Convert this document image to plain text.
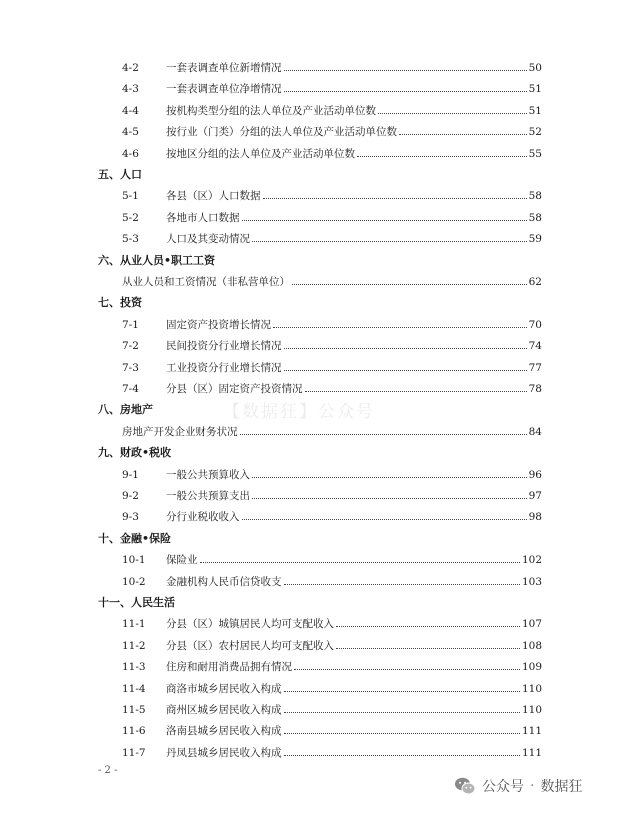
4-2	一套表调查单位新增情况	50
4-3	一套表调查单位净增情况	51
4-4	按机构类型分组的法人单位及产业活动单位数	51
4-5	按行业（门类）分组的法人单位及产业活动单位数	52
4-6	按地区分组的法人单位及产业活动单位数	55
五、人口
5-1	各县（区）人口数据	58
5-2	各地市人口数据	58
5-3	人口及其变动情况	59
六、从业人员•职工工资
从业人员和工资情况（非私营单位）	62
七、投资
7-1	固定资产投资增长情况	70
7-2	民间投资分行业增长情况	74
7-3	工业投资分行业增长情况	77
7-4	分县（区）固定资产投资情况	78
八、房地产
房地产开发企业财务状况	84
九、财政•税收
9-1	一般公共预算收入	96
9-2	一般公共预算支出	97
9-3	分行业税收收入	98
十、金融•保险
10-1 保险业	102
10-2 金融机构人民币信贷收支	103
十一、人民生活
11-1 分县（区）城镇居民人均可支配收入	107
11-2 分县（区）农村居民人均可支配收入	108
11-3 住房和耐用消费品拥有情况	109
11-4 商洛市城乡居民收入构成	110
11-5 商州区城乡居民收入构成	110
11-6 洛南县城乡居民收入构成	111
11-7 丹凤县城乡居民收入构成	111
【数据狂】公众号
- 2 -
公众号 · 数据狂
